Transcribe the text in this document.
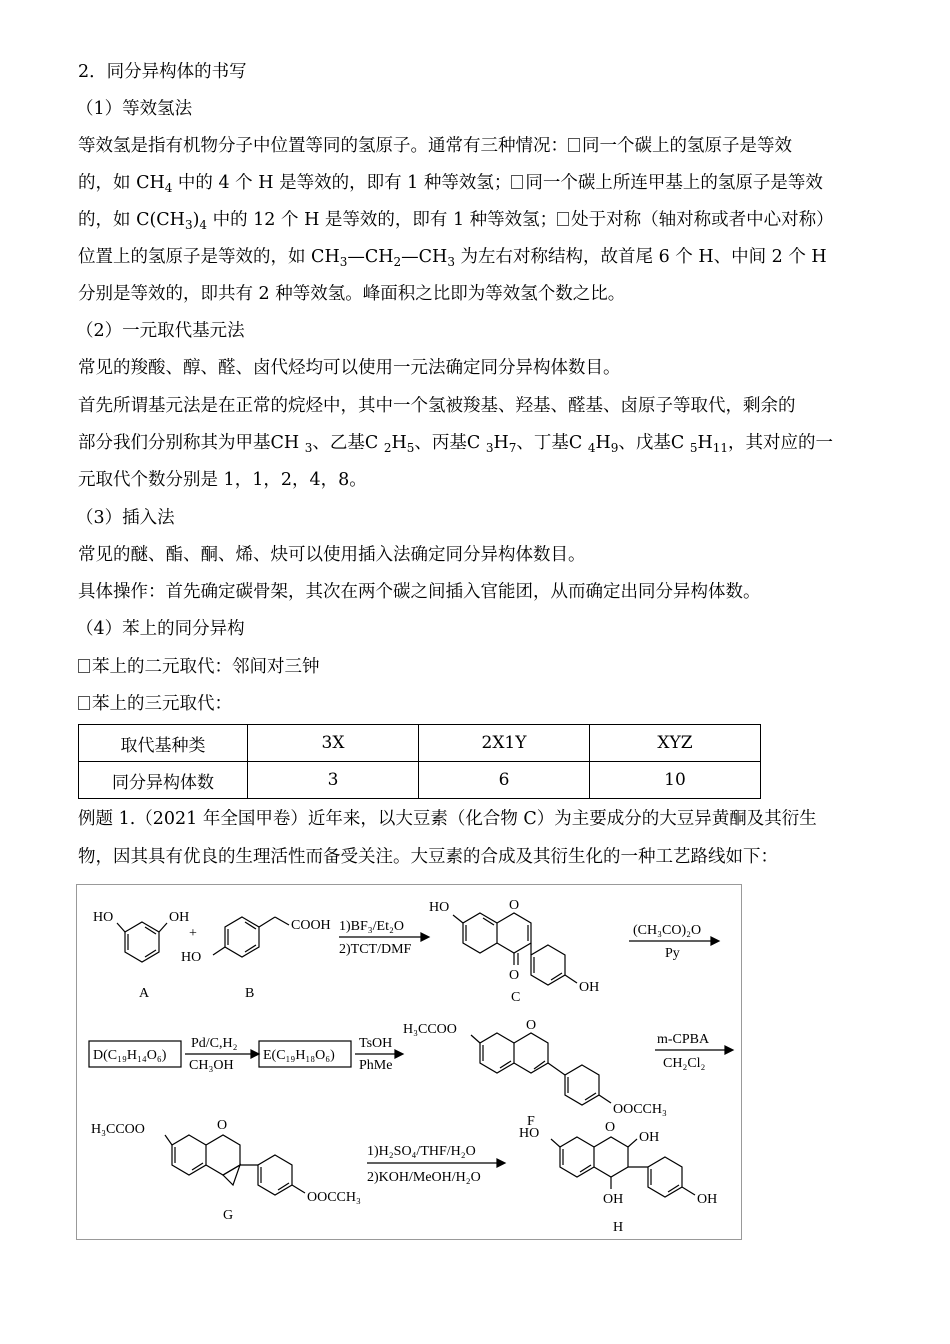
2．同分异构体的书写
（1）等效氢法
等效氢是指有机物分子中位置等同的氢原子。通常有三种情况： 同一个碳上的氢原子是等效
的，如 $CH_4$ 中的 4 个 H 是等效的，即有 1 种等效氢； 同一个碳上所连甲基上的氢原子是等效
的，如 $C(CH_3)_4$ 中的 12 个 H 是等效的，即有 1 种等效氢； 处于对称（轴对称或者中心对称）
位置上的氢原子是等效的，如 $CH_3—CH_2—CH_3$ 为左右对称结构，故首尾 6 个 H、中间 2 个 H
分别是等效的，即共有 2 种等效氢。峰面积之比即为等效氢个数之比。
（2）一元取代基元法
常见的羧酸、醇、醛、卤代烃均可以使用一元法确定同分异构体数目。
首先所谓基元法是在正常的烷烃中，其中一个氢被羧基、羟基、醛基、卤原子等取代，剩余的
部分我们分别称其为甲基CH $_3$、乙基C $_2H_5$、丙基C $_3H_7$、丁基C $_4H_9$、戊基C $_5H_{11}$，其对应的一
元取代个数分别是 1，1，2，4，8。
（3）插入法
常见的醚、酯、酮、烯、炔可以使用插入法确定同分异构体数目。
具体操作：首先确定碳骨架，其次在两个碳之间插入官能团，从而确定出同分异构体数。
（4）苯上的同分异构
苯上的二元取代：邻间对三钟
苯上的三元取代：
取代基种类	3X	2X1Y	XYZ
同分异构体数	3	6	10
例题 1.（2021 年全国甲卷）近年来，以大豆素（化合物 C）为主要成分的大豆异黄酮及其衍生
物，因其具有优良的生理活性而备受关注。大豆素的合成及其衍生化的一种工艺路线如下：
HO	OH
+
A
COOH
HO
B
1)BF₃/Et₂O
2)TCT/DMF
O
O
HO
OH
C
(CH₃CO)₂O
Py
D(C₁₉H₁₄O₆)
Pd/C,H₂
CH₃OH
E(C₁₉H₁₈O₆)
TsOH
PhMe
H₃CCOO	O
OOCCH₃
F
m-CPBA
CH₂Cl₂
H₃CCOO	O
OOCCH₃
G
1)H₂SO₄/THF/H₂O
2)KOH/MeOH/H₂O
HO	O
OH
OH	OH
H
